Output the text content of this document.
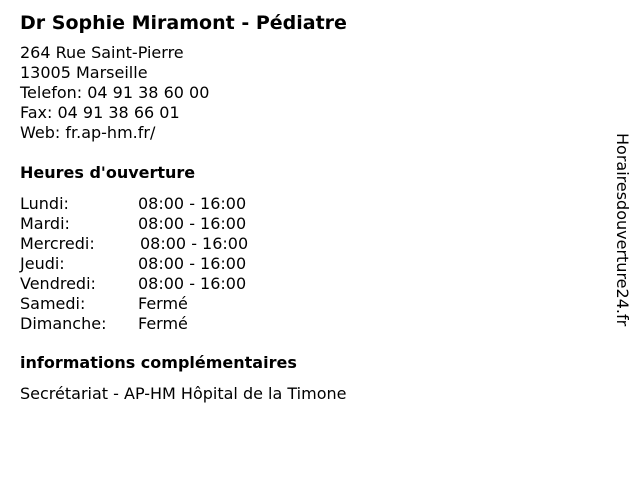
Dr Sophie Miramont - Pédiatre
264 Rue Saint-Pierre
13005 Marseille
Telefon: 04 91 38 60 00
Fax: 04 91 38 66 01
Web: fr.ap-hm.fr/
Heures d'ouverture
Lundi:	08:00 - 16:00
Mardi:	08:00 - 16:00
Mercredi:	08:00 - 16:00
Jeudi:	08:00 - 16:00
Vendredi:	08:00 - 16:00
Samedi:	Fermé
Dimanche: Fermé
informations complémentaires
Secrétariat - AP-HM Hôpital de la Timone
Horairesdouverture24.fr
